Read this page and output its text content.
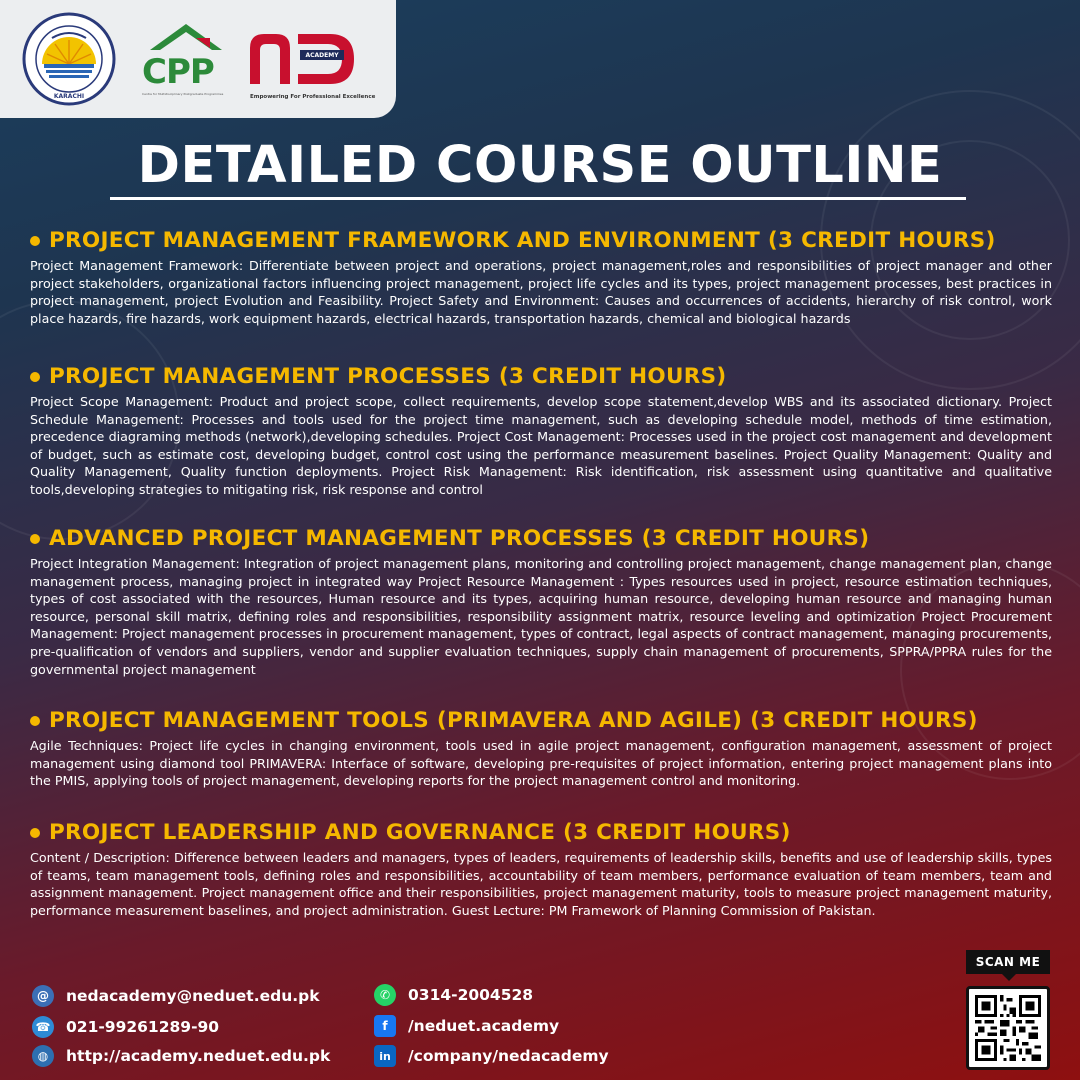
KARACHI
CPP
Centre for Multidisciplinary Postgraduate Programmes
ACADEMY
Empowering For Professional Excellence
DETAILED COURSE OUTLINE
PROJECT MANAGEMENT FRAMEWORK AND ENVIRONMENT (3 CREDIT HOURS)

Project Management Framework: Differentiate between project and operations, project management,roles and responsibilities of project manager and other project stakeholders, organizational factors influencing project management, project life cycles and its types, project management processes, best practices in project management, project Evolution and Feasibility. Project Safety and Environment: Causes and occurrences of accidents, hierarchy of risk control, work place hazards, fire hazards, work equipment hazards, electrical hazards, transportation hazards, chemical and biological hazards

PROJECT MANAGEMENT PROCESSES (3 CREDIT HOURS)

Project Scope Management: Product and project scope, collect requirements, develop scope statement,develop WBS and its associated dictionary. Project Schedule Management: Processes and tools used for the project time management, such as developing schedule model, methods of time estimation, precedence diagraming methods (network),developing schedules. Project Cost Management: Processes used in the project cost management and development of budget, such as estimate cost, developing budget, control cost using the performance measurement baselines. Project Quality Management: Quality and Quality Management, Quality function deployments. Project Risk Management: Risk identification, risk assessment using quantitative and qualitative tools,developing strategies to mitigating risk, risk response and control

ADVANCED PROJECT MANAGEMENT PROCESSES (3 CREDIT HOURS)

Project Integration Management: Integration of project management plans, monitoring and controlling project management, change management plan, change management process, managing project in integrated way Project Resource Management : Types resources used in project, resource estimation techniques, types of cost associated with the resources, Human resource and its types, acquiring human resource, developing human resource and managing human resource, personal skill matrix, defining roles and responsibilities, responsibility assignment matrix, resource leveling and optimization Project Procurement Management: Project management processes in procurement management, types of contract, legal aspects of contract management, managing procurements, pre-qualification of vendors and suppliers, vendor and supplier evaluation techniques, supply chain management of procurements, SPPRA/PPRA rules for the governmental project management

PROJECT MANAGEMENT TOOLS (PRIMAVERA AND AGILE) (3 CREDIT HOURS)

Agile Techniques: Project life cycles in changing environment, tools used in agile project management, configuration management, assessment of project management using diamond tool PRIMAVERA: Interface of software, developing pre-requisites of project information, entering project management plans into the PMIS, applying tools of project management, developing reports for the project management control and monitoring.

PROJECT LEADERSHIP AND GOVERNANCE (3 CREDIT HOURS)

Content / Description: Difference between leaders and managers, types of leaders, requirements of leadership skills, benefits and use of leadership skills, types of teams, team management tools, defining roles and responsibilities, accountability of team members, performance evaluation of team members, team and assignment management. Project management office and their responsibilities, project management maturity, tools to measure project management maturity, performance measurement baselines, and project administration. Guest Lecture: PM Framework of Planning Commission of Pakistan.

@	nedacademy@neduet.edu.pk
☎ 021-99261289-90
◍	http://academy.neduet.edu.pk
✆	0314-2004528
f	/neduet.academy
in	/company/nedacademy
SCAN ME
